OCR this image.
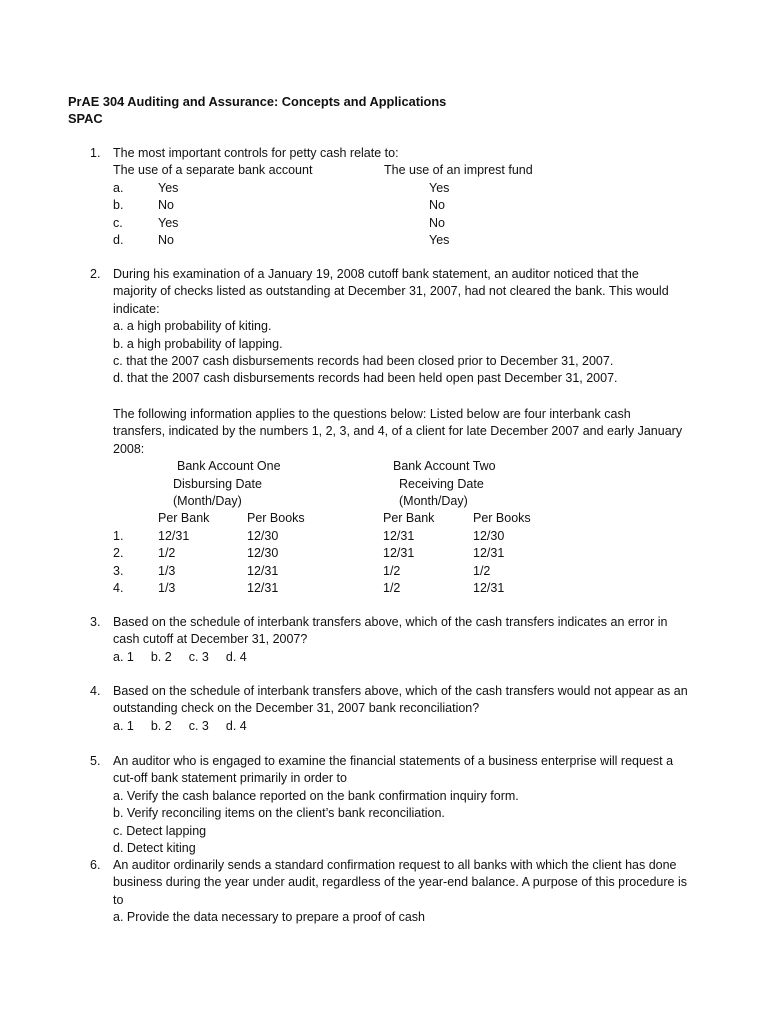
PrAE 304 Auditing and Assurance: Concepts and Applications
SPAC
1.	The most important controls for petty cash relate to:
The use of a separate bank account	The use of an imprest fund
a.	Yes	Yes
b.	No	No
c.	Yes	No
d.	No	Yes
2.	During his examination of a January 19, 2008 cutoff bank statement, an auditor noticed that the
majority of checks listed as outstanding at December 31, 2007, had not cleared the bank. This would
indicate:
a. a high probability of kiting.
b. a high probability of lapping.
c. that the 2007 cash disbursements records had been closed prior to December 31, 2007.
d. that the 2007 cash disbursements records had been held open past December 31, 2007.
The following information applies to the questions below: Listed below are four interbank cash
transfers, indicated by the numbers 1, 2, 3, and 4, of a client for late December 2007 and early January
2008:
Bank Account One	Bank Account Two
Disbursing Date	Receiving Date
(Month/Day)	(Month/Day)
Per Bank	Per Books	Per Bank	Per Books
1.	12/31	12/30	12/31	12/30
2.	1/2	12/30	12/31	12/31
3.	1/3	12/31	1/2	1/2
4.	1/3	12/31	1/2	12/31
3.	Based on the schedule of interbank transfers above, which of the cash transfers indicates an error in
cash cutoff at December 31, 2007?
a. 1 b. 2 c. 3 d. 4
4.	Based on the schedule of interbank transfers above, which of the cash transfers would not appear as an
outstanding check on the December 31, 2007 bank reconciliation?
a. 1 b. 2 c. 3 d. 4
5.	An auditor who is engaged to examine the financial statements of a business enterprise will request a
cut-off bank statement primarily in order to
a. Verify the cash balance reported on the bank confirmation inquiry form.
b. Verify reconciling items on the client’s bank reconciliation.
c. Detect lapping
d. Detect kiting
6.	An auditor ordinarily sends a standard confirmation request to all banks with which the client has done
business during the year under audit, regardless of the year-end balance. A purpose of this procedure is
to
a. Provide the data necessary to prepare a proof of cash
